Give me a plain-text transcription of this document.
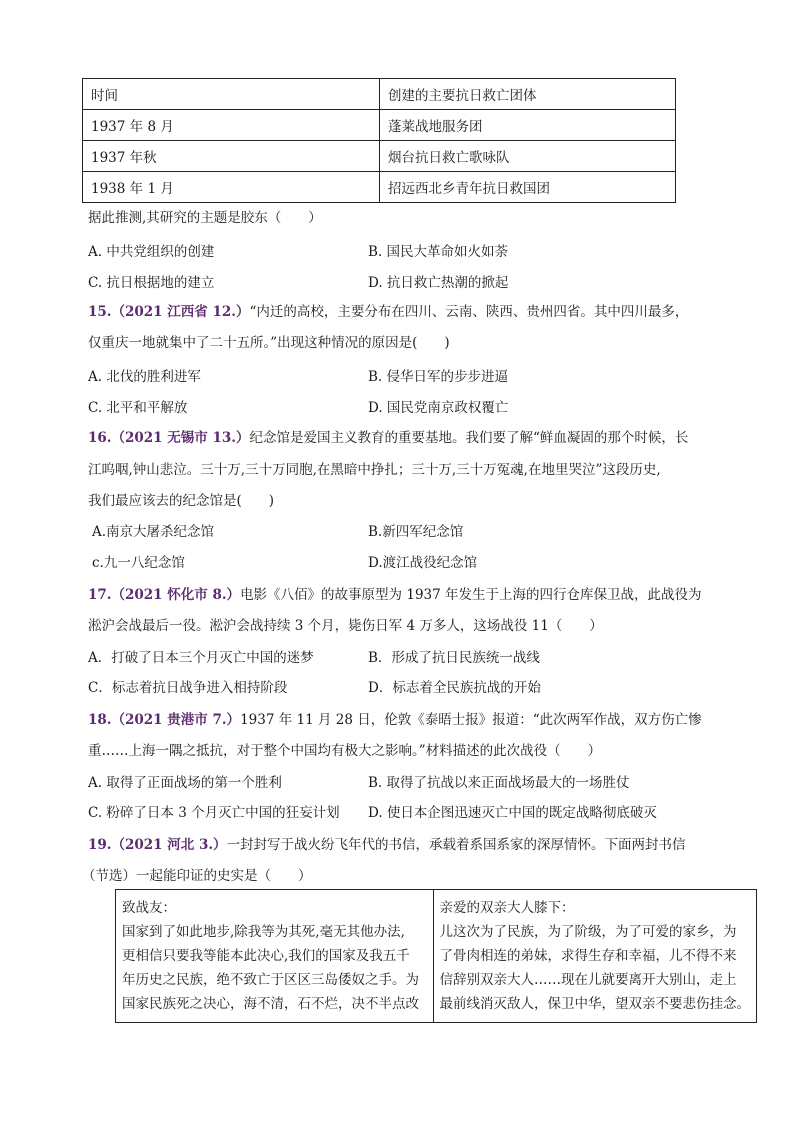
时间	创建的主要抗日救亡团体
1937 年 8 月	蓬莱战地服务团
1937 年秋	烟台抗日救亡歌咏队
1938 年 1 月	招远西北乡青年抗日救国团
据此推测,其研究的主题是胶东（　　）
A. 中共党组织的创建	B. 国民大革命如火如荼
C. 抗日根据地的建立	D. 抗日救亡热潮的掀起
15.（2021 江西省 12.）“内迁的高校，主要分布在四川、云南、陕西、贵州四省。其中四川最多，
仅重庆一地就集中了二十五所。”出现这种情况的原因是(　　)
A. 北伐的胜利进军	B. 侵华日军的步步进逼
C. 北平和平解放	D. 国民党南京政权覆亡
16.（2021 无锡市 13.）纪念馆是爱国主义教育的重要基地。我们要了解“鲜血凝固的那个时候，长
江呜咽,钟山悲泣。三十万,三十万同胞,在黑暗中挣扎；三十万,三十万冤魂,在地里哭泣”这段历史,
我们最应该去的纪念馆是(　　)
A.南京大屠杀纪念馆	B.新四军纪念馆
c.九一八纪念馆	D.渡江战役纪念馆
17.（2021 怀化市 8.）电影《八佰》的故事原型为 1937 年发生于上海的四行仓库保卫战，此战役为
淞沪会战最后一役。淞沪会战持续 3 个月，毙伤日军 4 万多人，这场战役 11（　　）
A．打破了日本三个月灭亡中国的迷梦	B．形成了抗日民族统一战线
C．标志着抗日战争进入相持阶段	D．标志着全民族抗战的开始
18.（2021 贵港市 7.）1937 年 11 月 28 日，伦敦《泰晤士报》报道：“此次两军作战，双方伤亡惨
重……上海一隅之抵抗，对于整个中国均有极大之影响。”材料描述的此次战役（　　）
A. 取得了正面战场的第一个胜利	B. 取得了抗战以来正面战场最大的一场胜仗
C. 粉碎了日本 3 个月灭亡中国的狂妄计划 D. 使日本企图迅速灭亡中国的既定战略彻底破灭
19.（2021 河北 3.）一封封写于战火纷飞年代的书信，承载着系国系家的深厚情怀。下面两封书信
（节选）一起能印证的史实是（　　）
致战友：
国家到了如此地步,除我等为其死,毫无其他办法,
更相信只要我等能本此决心,我们的国家及我五千
年历史之民族，绝不致亡于区区三岛倭奴之手。为
国家民族死之决心，海不清，石不烂，决不半点改

亲爱的双亲大人膝下：
儿这次为了民族，为了阶级，为了可爱的家乡，为
了骨肉相连的弟妹，求得生存和幸福，儿不得不来
信辞别双亲大人……现在儿就要离开大别山，走上
最前线消灭敌人，保卫中华，望双亲不要悲伤挂念。
